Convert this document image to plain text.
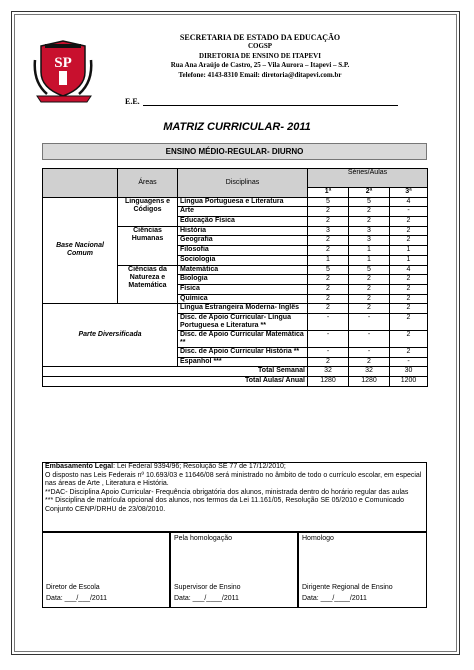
SP
SECRETARIA DE ESTADO DA EDUCAÇÃO
COGSP
DIRETORIA DE ENSINO DE ITAPEVI
Rua Ana Araújo de Castro, 25 – Vila Aurora – Itapevi – S.P.
Telefone: 4143-8310 Email: diretoria@ditapevi.com.br
E.E.
MATRIZ CURRICULAR- 2011
ENSINO MÉDIO-REGULAR- DIURNO
	Áreas	Disciplinas	Séries/Aulas		
			1ª	2ª	3ª
Base Nacional Comum	Linguagens e Códigos	Língua Portuguesa e Literatura	5	5	4
		Arte	2	2	-
		Educação Física	2	2	2
	Ciências Humanas	História	3	3	2
		Geografia	2	3	2
		Filosofia	2	1	1
		Sociologia	1	1	1
	Ciências da Natureza e Matemática	Matemática	5	5	4
		Biologia	2	2	2
		Física	2	2	2
		Química	2	2	2
Parte Diversificada		Língua Estrangeira Moderna- Inglês	2	2	2
		Disc. de Apoio Curricular- Língua Portuguesa e Literatura **	-	-	2
		Disc. de Apoio Curricular Matemática **	-	-	2
		Disc. de Apoio Curricular História **	-	-	2
		Espanhol ***	2	2	-
Total Semanal			32	32	30
Total Aulas/ Anual			1280	1280	1200
Embasamento Legal: Lei Federal 9394/96; Resolução SE 77 de 17/12/2010;
O disposto nas Leis Federais nº 10.693/03 e 11646/08 será ministrado no âmbito de todo o currículo escolar, em especial nas áreas de Arte , Literatura e História.
**DAC- Disciplina Apoio Curricular- Frequência obrigatória dos alunos, ministrada dentro do horário regular das aulas
*** Disciplina de matrícula opcional dos alunos, nos termos da Lei 11.161/05, Resolução SE 05/2010 e Comunicado Conjunto CENP/DRHU de 23/08/2010.
Diretor de Escola
Data: ___/___/2011
Pela homologação
Supervisor de Ensino
Data: ___/____/2011
Homologo
Dirigente Regional de Ensino
Data: ___/____/2011
